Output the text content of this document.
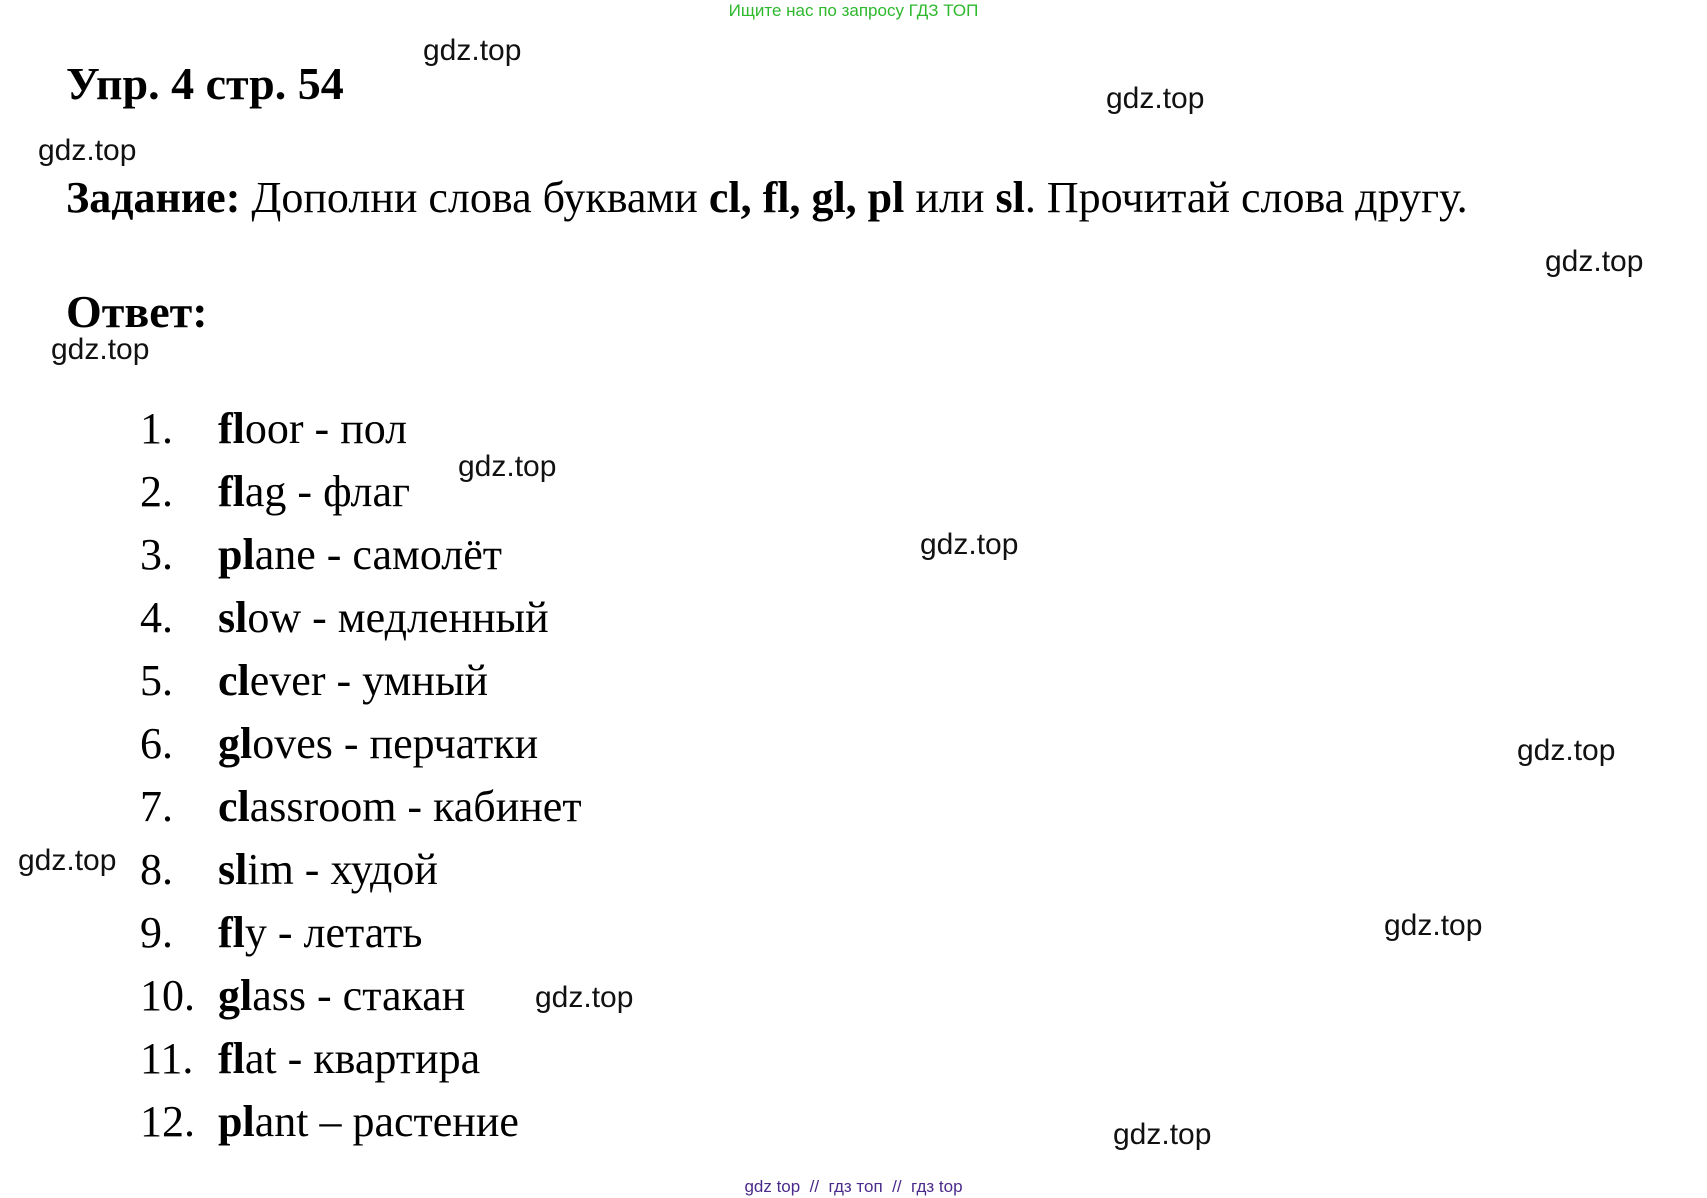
Ищите нас по запросу ГДЗ ТОП
Упр. 4 стр. 54
Задание: Дополни слова буквами cl, fl, gl, pl или sl. Прочитай слова другу.
Ответ:
1.	floor - пол
2.	flag - флаг
3.	plane - самолёт
4.	slow - медленный
5.	clever - умный
6.	gloves - перчатки
7.	classroom - кабинет
8.	slim - худой
9.	fly - летать
10. glass - стакан
11. flat - квартира
12. plant – растение
gdz.top
gdz.top
gdz.top
gdz.top
gdz.top
gdz.top
gdz.top
gdz.top
gdz.top
gdz.top
gdz.top
gdz.top
gdz top  //  гдз топ  //  гдз top
